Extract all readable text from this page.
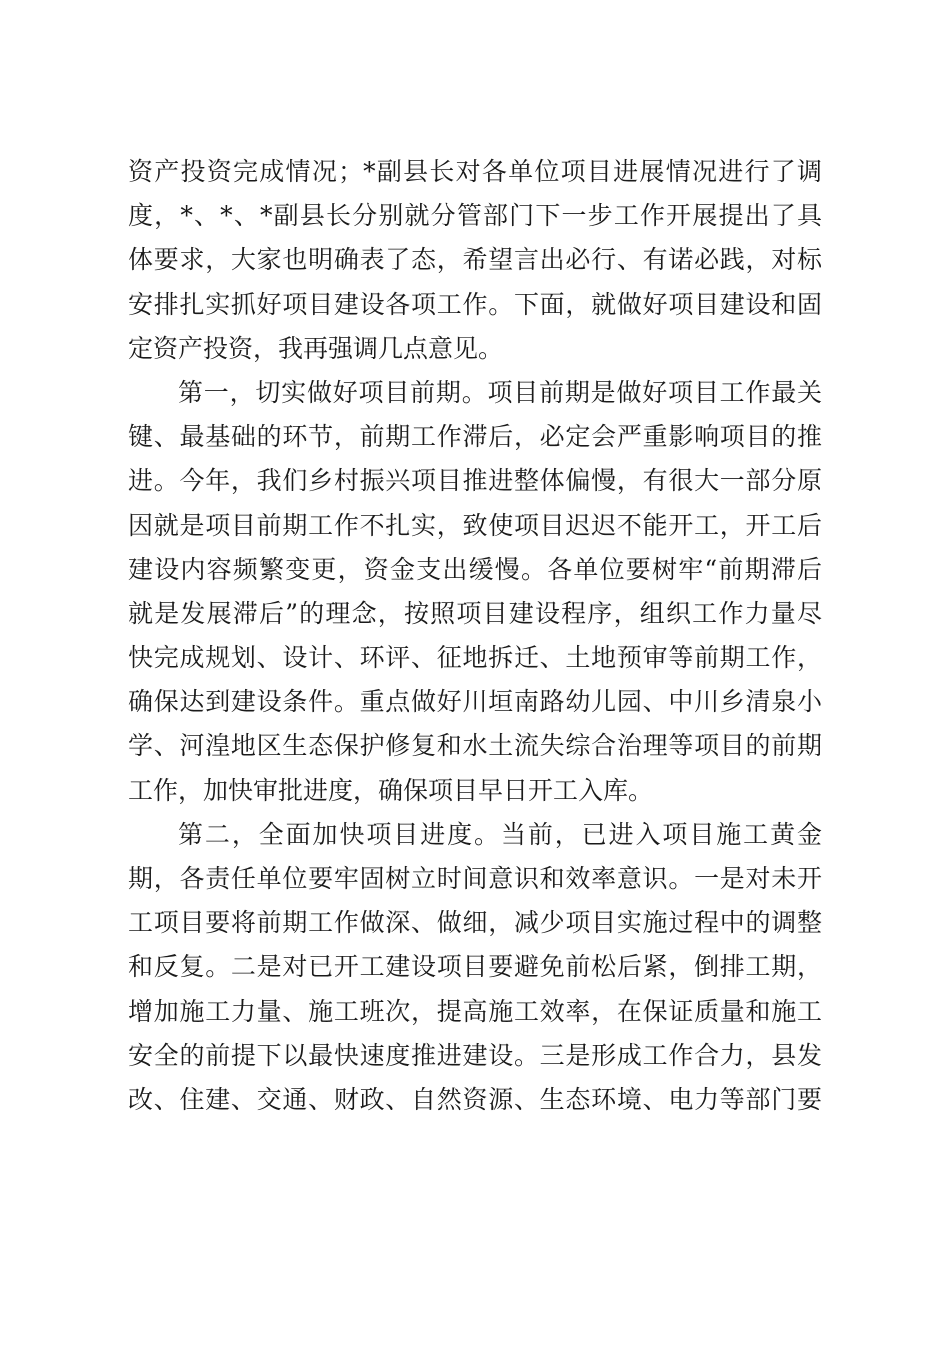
资产投资完成情况；*副县长对各单位项目进展情况进行了调
度，*、*、*副县长分别就分管部门下一步工作开展提出了具
体要求，大家也明确表了态，希望言出必行、有诺必践，对标
安排扎实抓好项目建设各项工作。下面，就做好项目建设和固
定资产投资，我再强调几点意见。
第一，切实做好项目前期。项目前期是做好项目工作最关
键、最基础的环节，前期工作滞后，必定会严重影响项目的推
进。今年，我们乡村振兴项目推进整体偏慢，有很大一部分原
因就是项目前期工作不扎实，致使项目迟迟不能开工，开工后
建设内容频繁变更，资金支出缓慢。各单位要树牢“前期滞后
就是发展滞后”的理念，按照项目建设程序，组织工作力量尽
快完成规划、设计、环评、征地拆迁、土地预审等前期工作，
确保达到建设条件。重点做好川垣南路幼儿园、中川乡清泉小
学、河湟地区生态保护修复和水土流失综合治理等项目的前期
工作，加快审批进度，确保项目早日开工入库。
第二，全面加快项目进度。当前，已进入项目施工黄金
期，各责任单位要牢固树立时间意识和效率意识。一是对未开
工项目要将前期工作做深、做细，减少项目实施过程中的调整
和反复。二是对已开工建设项目要避免前松后紧，倒排工期，
增加施工力量、施工班次，提高施工效率，在保证质量和施工
安全的前提下以最快速度推进建设。三是形成工作合力，县发
改、住建、交通、财政、自然资源、生态环境、电力等部门要
